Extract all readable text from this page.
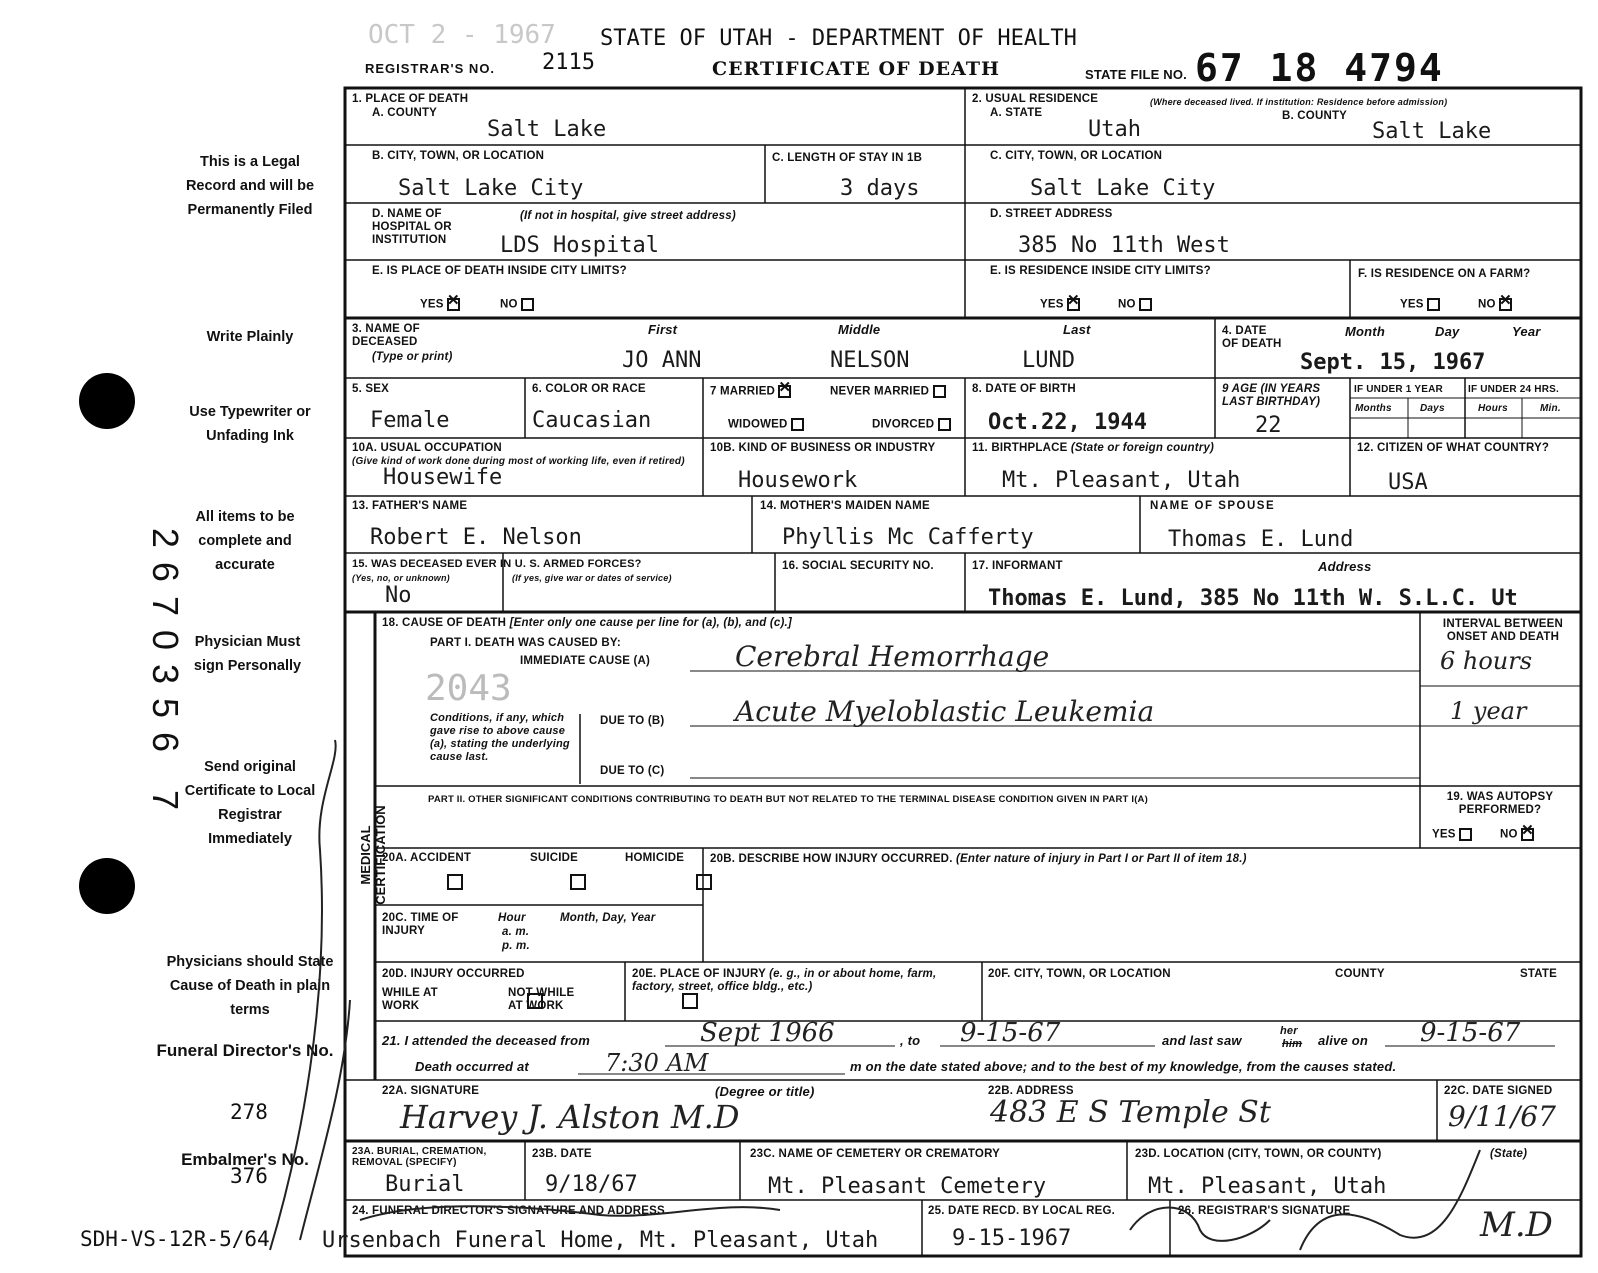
OCT 2 - 1967 STATE OF UTAH - DEPARTMENT OF HEALTH
REGISTRAR'S NO. 2115	CERTIFICATE OF DEATH	STATE FILE NO. 67 18 4794
This is a Legal Record and will be Permanently Filed
Write Plainly
Use Typewriter or Unfading Ink
All items to be complete and accurate
Physician Must sign Personally
Send original Certificate to Local Registrar Immediately
Physicians should State Cause of Death in plain terms
Funeral Director's No.
278
Embalmer's No.
376
2670356 7
SDH-VS-12R-5/64
1. PLACE OF DEATH
A. COUNTY
Salt Lake
2. USUAL RESIDENCE	(Where deceased lived. If institution: Residence before admission)
A. STATE
Utah
B. COUNTY
Salt Lake
B. CITY, TOWN, OR LOCATION
Salt Lake City
C. LENGTH OF STAY IN 1B
3 days
C. CITY, TOWN, OR LOCATION
Salt Lake City
D. NAME OF HOSPITAL OR INSTITUTION
(If not in hospital, give street address)
LDS Hospital
D. STREET ADDRESS
385 No 11th West
E. IS PLACE OF DEATH INSIDE CITY LIMITS?
YES ✕	NO
E. IS RESIDENCE INSIDE CITY LIMITS?
YES ✕	NO
F. IS RESIDENCE ON A FARM?
YES	NO ✕
3. NAME OF DECEASED
(Type or print)
First	Middle	Last
JO ANN	NELSON	LUND
4. DATE OF DEATH
Month	Day	Year
Sept. 15, 1967
5. SEX
Female
6. COLOR OR RACE
Caucasian
7 MARRIED ✕	NEVER MARRIED
WIDOWED	DIVORCED
8. DATE OF BIRTH
Oct.22, 1944
9 AGE (IN YEARS LAST BIRTHDAY)
22
IF UNDER 1 YEAR	IF UNDER 24 HRS.
Months	Days	Hours	Min.
10A. USUAL OCCUPATION
(Give kind of work done during most of working life, even if retired)
Housewife
10B. KIND OF BUSINESS OR INDUSTRY
Housework
11. BIRTHPLACE (State or foreign country)
Mt. Pleasant, Utah
12. CITIZEN OF WHAT COUNTRY?
USA
13. FATHER'S NAME
Robert E. Nelson
14. MOTHER'S MAIDEN NAME
Phyllis Mc Cafferty
NAME OF SPOUSE
Thomas E. Lund
15. WAS DECEASED EVER IN U. S. ARMED FORCES?
(Yes, no, or unknown)	(If yes, give war or dates of service)
No
16. SOCIAL SECURITY NO.	17. INFORMANT	Address
Thomas E. Lund, 385 No 11th W. S.L.C. Ut
MEDICAL CERTIFICATION
18. CAUSE OF DEATH [Enter only one cause per line for (a), (b), and (c).]
PART I. DEATH WAS CAUSED BY:
IMMEDIATE CAUSE (A)	Cerebral Hemorrhage
INTERVAL BETWEEN ONSET AND DEATH
6 hours
2043
Conditions, if any, which gave rise to above cause (a), stating the underlying cause last.
DUE TO (B)	Acute Myeloblastic Leukemia	1 year
DUE TO (C)
PART II. OTHER SIGNIFICANT CONDITIONS CONTRIBUTING TO DEATH BUT NOT RELATED TO THE TERMINAL DISEASE CONDITION GIVEN IN PART I(A)	19. WAS AUTOPSY PERFORMED?
YES	NO ✕
20A. ACCIDENT	SUICIDE	HOMICIDE
20B. DESCRIBE HOW INJURY OCCURRED. (Enter nature of injury in Part I or Part II of item 18.)
20C. TIME OF INJURY
Hour
a. m.
p. m.
Month, Day, Year
20D. INJURY OCCURRED
WHILE AT WORK

NOT WHILE AT WORK
20E. PLACE OF INJURY (e. g., in or about home, farm, factory, street, office bldg., etc.)
20F. CITY, TOWN, OR LOCATION	COUNTY	STATE
21. I attended the deceased from	Sept 1966	, to 9-15-67	and last saw
her
him alive on 9-15-67
Death occurred at	7:30 AM	m on the date stated above; and to the best of my knowledge, from the causes stated.
22A. SIGNATURE	(Degree or title)
Harvey J. Alston M.D
22B. ADDRESS
483 E S Temple St
22C. DATE SIGNED
9/11/67
23A. BURIAL, CREMATION, REMOVAL (SPECIFY)
Burial
23B. DATE
9/18/67
23C. NAME OF CEMETERY OR CREMATORY
Mt. Pleasant Cemetery
23D. LOCATION (CITY, TOWN, OR COUNTY)	(State)
Mt. Pleasant, Utah
24. FUNERAL DIRECTOR'S SIGNATURE AND ADDRESS
Ursenbach Funeral Home, Mt. Pleasant, Utah
25. DATE RECD. BY LOCAL REG.
9-15-1967
26. REGISTRAR'S SIGNATURE	M.D
